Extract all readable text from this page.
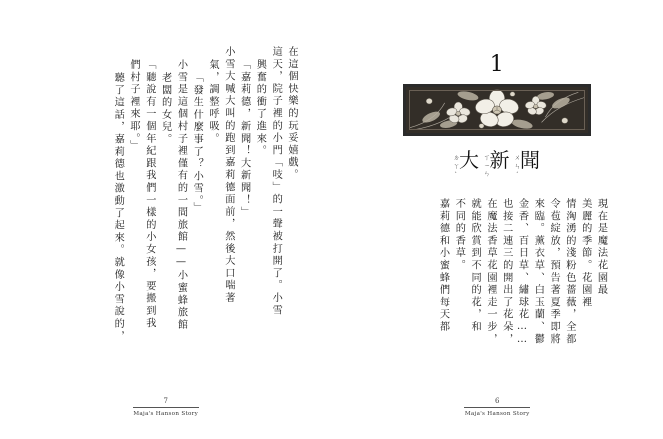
在這個快樂的玩妥嬉戲。
這天，院子裡的小門「吱」的一聲被打開了。小雪
興奮的衝了進來。
「嘉莉德，新聞！大新聞！」
小雪大喊大叫的跑到嘉莉德面前，然後大口喘著
氣，調整呼吸。
「發生什麼事了？小雪。」
小雪是這個村子裡僅有的一間旅館——小蜜蜂旅館
老闆的女兒。
「聽說有一個年紀跟我們一樣的小女孩，要搬到我
們村子裡來耶。」
聽了這話，嘉莉德也激動了起來。就像小雪說的，
7
Maja's Hanson Story
1
大
ㄉㄚˋ 新
ㄒㄧㄣ 聞
ㄨㄣˊ
現在是魔法花園最
美麗的季節。花園裡
情洶湧的淺粉色薔薇，全都
令苞綻放，預告著夏季即將
來臨。薰衣草、白玉蘭、鬱
金香、百日草、繡球花……
也接二連三的開出了花朵，
在魔法香草花園裡走一步，
就能欣賞到不同的花，和
不同的香草。
嘉莉德和小蜜蜂們每天都
6
Maja's Hanson Story
